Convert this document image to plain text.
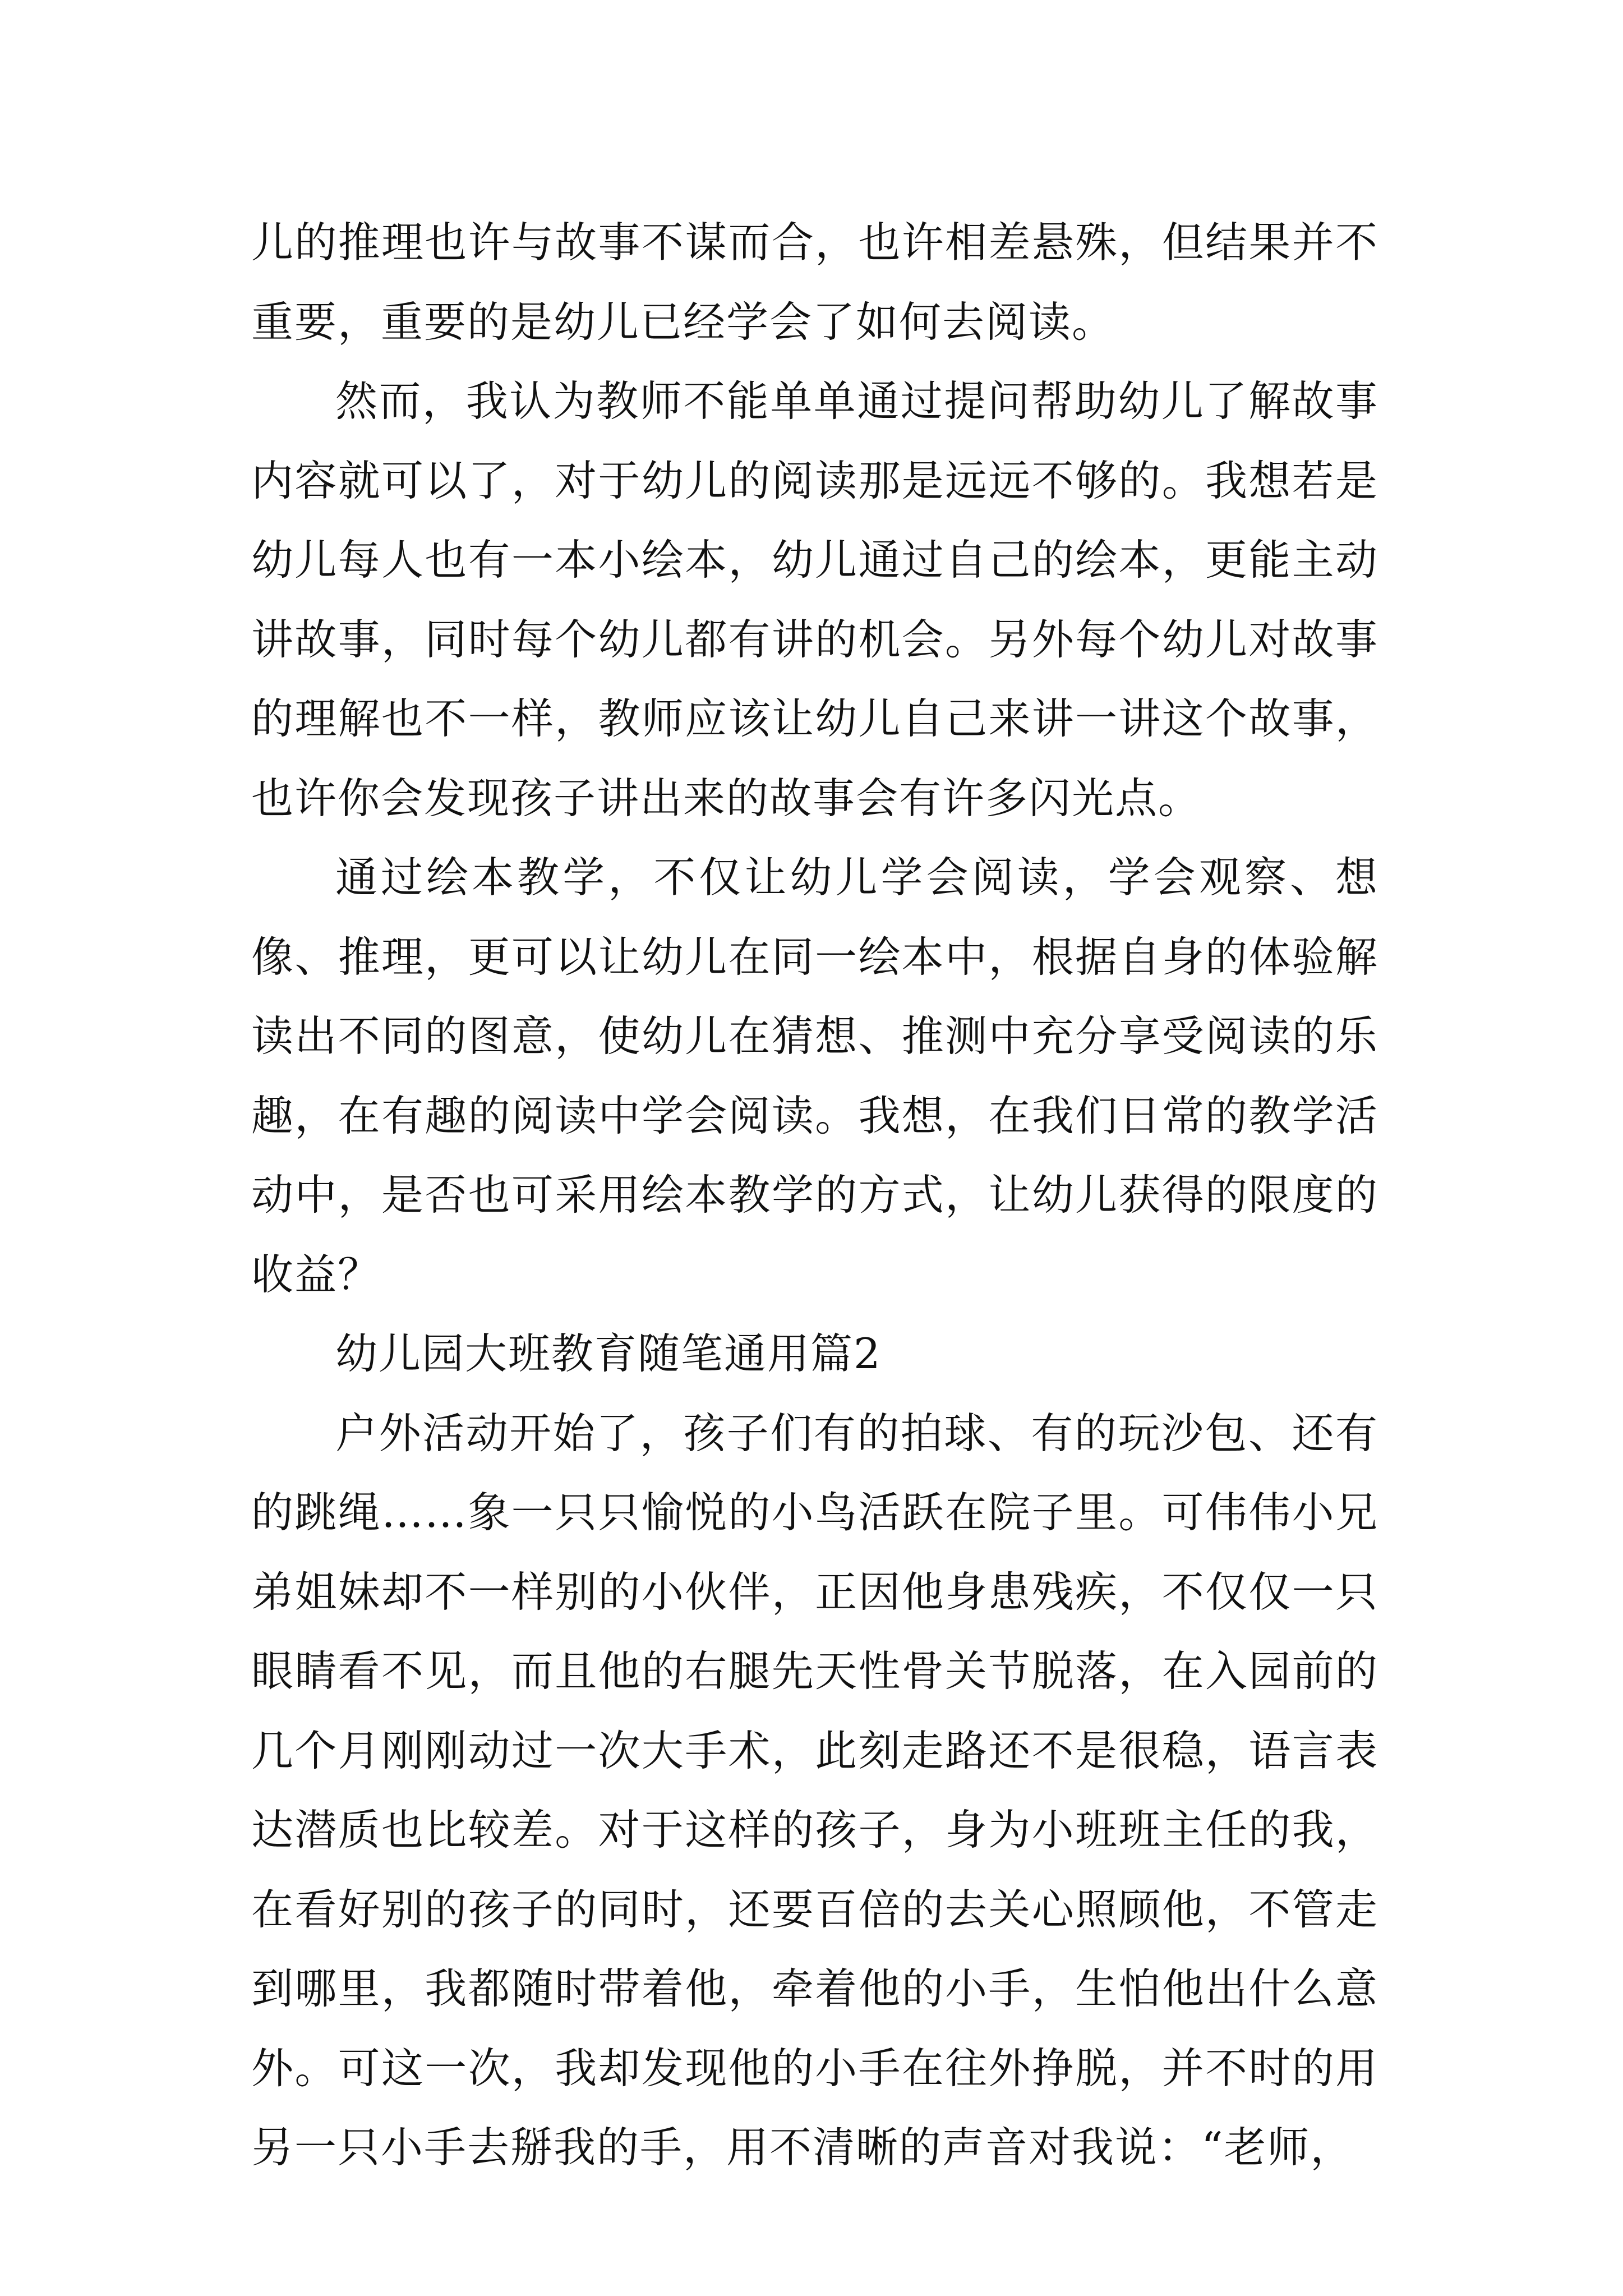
儿的推理也许与故事不谋而合，也许相差悬殊，但结果并不重要，重要的是幼儿已经学会了如何去阅读。

然而，我认为教师不能单单通过提问帮助幼儿了解故事内容就可以了，对于幼儿的阅读那是远远不够的。我想若是幼儿每人也有一本小绘本，幼儿通过自己的绘本，更能主动讲故事，同时每个幼儿都有讲的机会。另外每个幼儿对故事的理解也不一样，教师应该让幼儿自己来讲一讲这个故事，也许你会发现孩子讲出来的故事会有许多闪光点。

通过绘本教学，不仅让幼儿学会阅读，学会观察、想像、推理，更可以让幼儿在同一绘本中，根据自身的体验解读出不同的图意，使幼儿在猜想、推测中充分享受阅读的乐趣，在有趣的阅读中学会阅读。我想，在我们日常的教学活动中，是否也可采用绘本教学的方式，让幼儿获得的限度的收益？

幼儿园大班教育随笔通用篇2

户外活动开始了，孩子们有的拍球、有的玩沙包、还有的跳绳……象一只只愉悦的小鸟活跃在院子里。可伟伟小兄弟姐妹却不一样别的小伙伴，正因他身患残疾，不仅仅一只眼睛看不见，而且他的右腿先天性骨关节脱落，在入园前的几个月刚刚动过一次大手术，此刻走路还不是很稳，语言表达潜质也比较差。对于这样的孩子，身为小班班主任的我，在看好别的孩子的同时，还要百倍的去关心照顾他，不管走到哪里，我都随时带着他，牵着他的小手，生怕他出什么意外。可这一次，我却发现他的小手在往外挣脱，并不时的用另一只小手去掰我的手，用不清晰的声音对我说：“老师，
